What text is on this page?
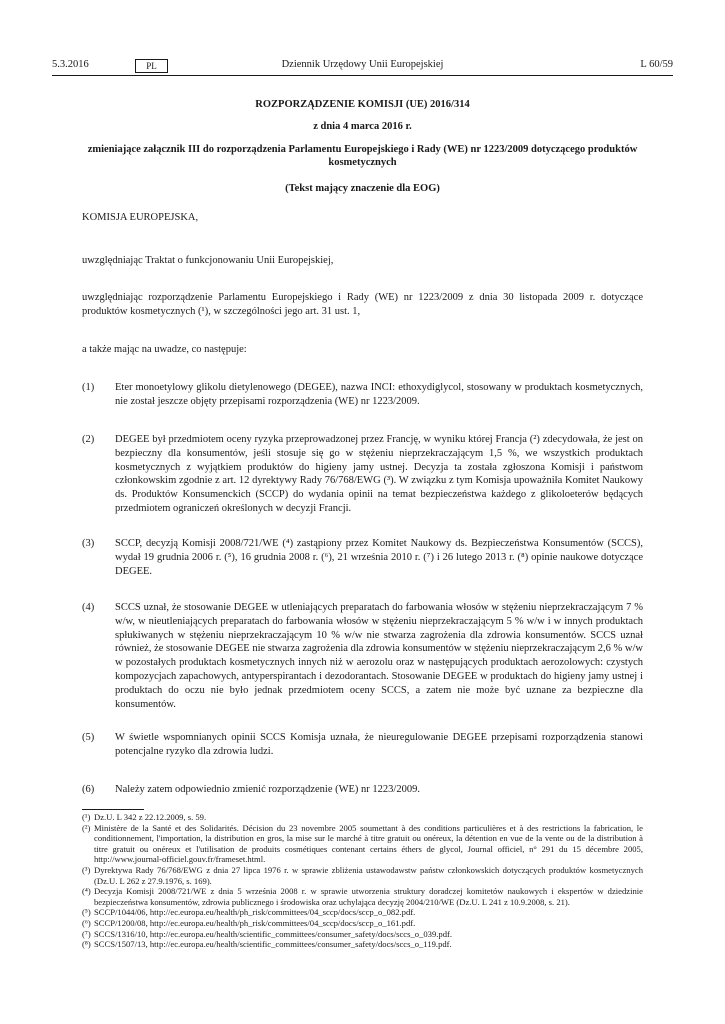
5.3.2016	PL	Dziennik Urzędowy Unii Europejskiej	L 60/59
ROZPORZĄDZENIE KOMISJI (UE) 2016/314
z dnia 4 marca 2016 r.
zmieniające załącznik III do rozporządzenia Parlamentu Europejskiego i Rady (WE) nr 1223/2009 dotyczącego produktów kosmetycznych
(Tekst mający znaczenie dla EOG)
KOMISJA EUROPEJSKA,
uwzględniając Traktat o funkcjonowaniu Unii Europejskiej,
uwzględniając rozporządzenie Parlamentu Europejskiego i Rady (WE) nr 1223/2009 z dnia 30 listopada 2009 r. dotyczące produktów kosmetycznych (¹), w szczególności jego art. 31 ust. 1,
a także mając na uwadze, co następuje:
(1) Eter monoetylowy glikolu dietylenowego (DEGEE), nazwa INCI: ethoxydiglycol, stosowany w produktach kosmetycznych, nie został jeszcze objęty przepisami rozporządzenia (WE) nr 1223/2009.
(2) DEGEE był przedmiotem oceny ryzyka przeprowadzonej przez Francję, w wyniku której Francja (²) zdecydowała, że jest on bezpieczny dla konsumentów, jeśli stosuje się go w stężeniu nieprzekraczającym 1,5 %, we wszystkich produktach kosmetycznych z wyjątkiem produktów do higieny jamy ustnej. Decyzja ta została zgłoszona Komisji i państwom członkowskim zgodnie z art. 12 dyrektywy Rady 76/768/EWG (³). W związku z tym Komisja upoważniła Komitet Naukowy ds. Produktów Konsumenckich (SCCP) do wydania opinii na temat bezpieczeństwa każdego z glikoloeterów będących przedmiotem ograniczeń określonych w decyzji Francji.
(3) SCCP, decyzją Komisji 2008/721/WE (⁴) zastąpiony przez Komitet Naukowy ds. Bezpieczeństwa Konsumentów (SCCS), wydał 19 grudnia 2006 r. (⁵), 16 grudnia 2008 r. (⁶), 21 września 2010 r. (⁷) i 26 lutego 2013 r. (⁸) opinie naukowe dotyczące DEGEE.
(4) SCCS uznał, że stosowanie DEGEE w utleniających preparatach do farbowania włosów w stężeniu nieprzekraczającym 7 % w/w, w nieutleniających preparatach do farbowania włosów w stężeniu nieprzekraczającym 5 % w/w i w innych produktach spłukiwanych w stężeniu nieprzekraczającym 10 % w/w nie stwarza zagrożenia dla zdrowia konsumentów. SCCS uznał również, że stosowanie DEGEE nie stwarza zagrożenia dla zdrowia konsumentów w stężeniu nieprzekraczającym 2,6 % w/w w pozostałych produktach kosmetycznych innych niż w aerozolu oraz w następujących produktach aerozolowych: czystych kompozycjach zapachowych, antyperspirantach i dezodorantach. Stosowanie DEGEE w produktach do higieny jamy ustnej i produktach do oczu nie było jednak przedmiotem oceny SCCS, a zatem nie może być uznane za bezpieczne dla konsumentów.
(5) W świetle wspomnianych opinii SCCS Komisja uznała, że nieuregulowanie DEGEE przepisami rozporządzenia stanowi potencjalne ryzyko dla zdrowia ludzi.
(6) Należy zatem odpowiednio zmienić rozporządzenie (WE) nr 1223/2009.
(¹) Dz.U. L 342 z 22.12.2009, s. 59.
(²) Ministère de la Santé et des Solidarités. Décision du 23 novembre 2005 soumettant à des conditions particulières et à des restrictions la fabrication, le conditionnement, l'importation, la distribution en gros, la mise sur le marché à titre gratuit ou onéreux, la détention en vue de la vente ou de la distribution à titre gratuit ou onéreux et l'utilisation de produits cosmétiques contenant certains éthers de glycol, Journal officiel, n° 291 du 15 décembre 2005, http://www.journal-officiel.gouv.fr/frameset.html.
(³) Dyrektywa Rady 76/768/EWG z dnia 27 lipca 1976 r. w sprawie zbliżenia ustawodawstw państw członkowskich dotyczących produktów kosmetycznych (Dz.U. L 262 z 27.9.1976, s. 169).
(⁴) Decyzja Komisji 2008/721/WE z dnia 5 września 2008 r. w sprawie utworzenia struktury doradczej komitetów naukowych i ekspertów w dziedzinie bezpieczeństwa konsumentów, zdrowia publicznego i środowiska oraz uchylająca decyzję 2004/210/WE (Dz.U. L 241 z 10.9.2008, s. 21).
(⁵) SCCP/1044/06, http://ec.europa.eu/health/ph_risk/committees/04_sccp/docs/sccp_o_082.pdf.
(⁶) SCCP/1200/08, http://ec.europa.eu/health/ph_risk/committees/04_sccp/docs/sccp_o_161.pdf.
(⁷) SCCS/1316/10, http://ec.europa.eu/health/scientific_committees/consumer_safety/docs/sccs_o_039.pdf.
(⁸) SCCS/1507/13, http://ec.europa.eu/health/scientific_committees/consumer_safety/docs/sccs_o_119.pdf.
